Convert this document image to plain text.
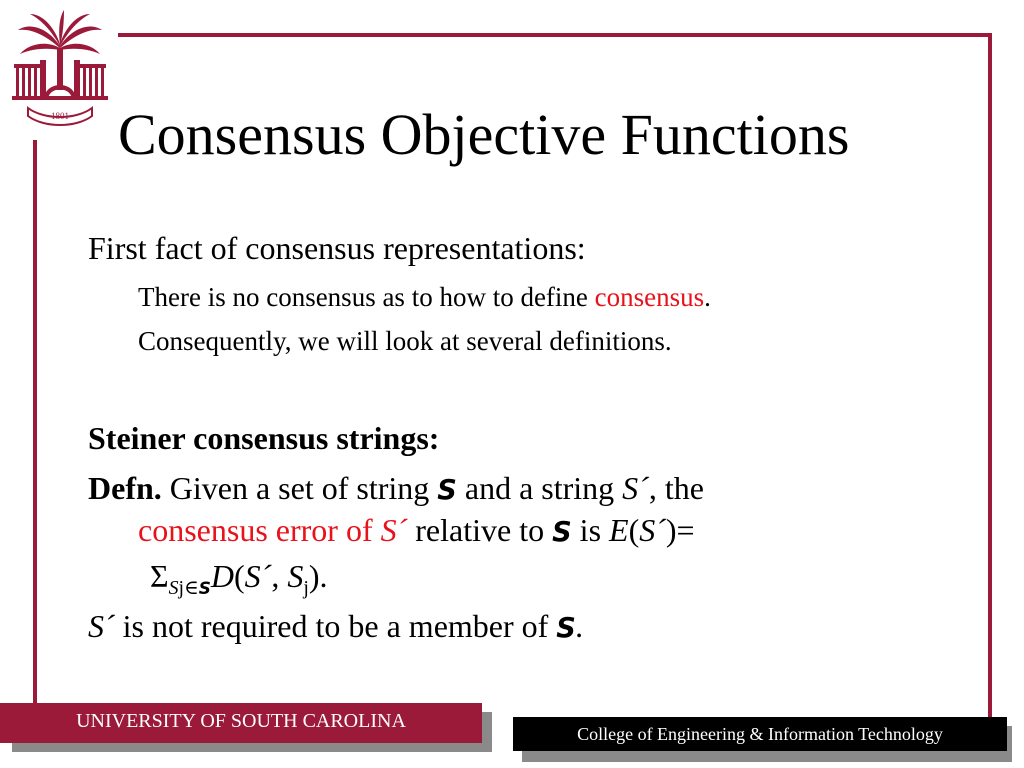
1801 Consensus Objective Functions
First fact of consensus representations:
There is no consensus as to how to define consensus.
Consequently, we will look at several definitions.
Steiner consensus strings:
Defn. Given a set of string S and a string S´, the
consensus error of S´ relative to S is E(S´)=
$\Sigma_{Sj\in S}D(S´$, $S_j$).
S´ is not required to be a member of S.
UNIVERSITY OF SOUTH CAROLINA
College of Engineering & Information Technology
